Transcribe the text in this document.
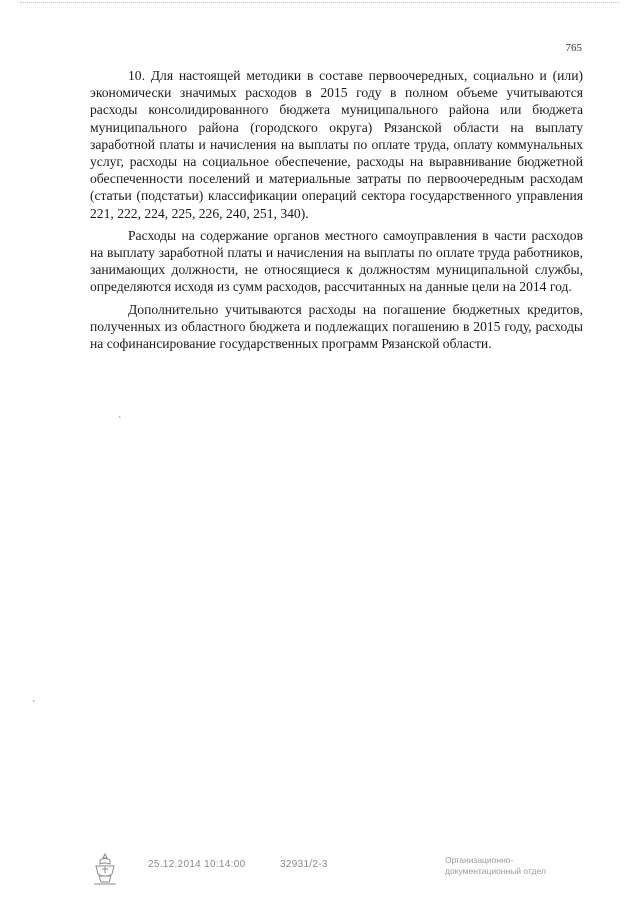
765

10. Для настоящей методики в составе первоочередных, социально и (или) экономически значимых расходов в 2015 году в полном объеме учитываются расходы консолидированного бюджета муниципального района или бюджета муниципального района (городского округа) Рязанской области на выплату заработной платы и начисления на выплаты по оплате труда, оплату коммунальных услуг, расходы на социальное обеспечение, расходы на выравнивание бюджетной обеспеченности поселений и материальные затраты по первоочередным расходам (статьи (подстатьи) классификации операций сектора государственного управления 221, 222, 224, 225, 226, 240, 251, 340).

Расходы на содержание органов местного самоуправления в части расходов на выплату заработной платы и начисления на выплаты по оплате труда работников, занимающих должности, не относящиеся к должностям муниципальной службы, определяются исходя из сумм расходов, рассчитанных на данные цели на 2014 год.

Дополнительно учитываются расходы на погашение бюджетных кредитов, полученных из областного бюджета и подлежащих погашению в 2015 году, расходы на софинансирование государственных программ Рязанской области.

ˋ
ˋ
25.12.2014 10:14:00	32931/2-3	Организационно-
документационный отдел
